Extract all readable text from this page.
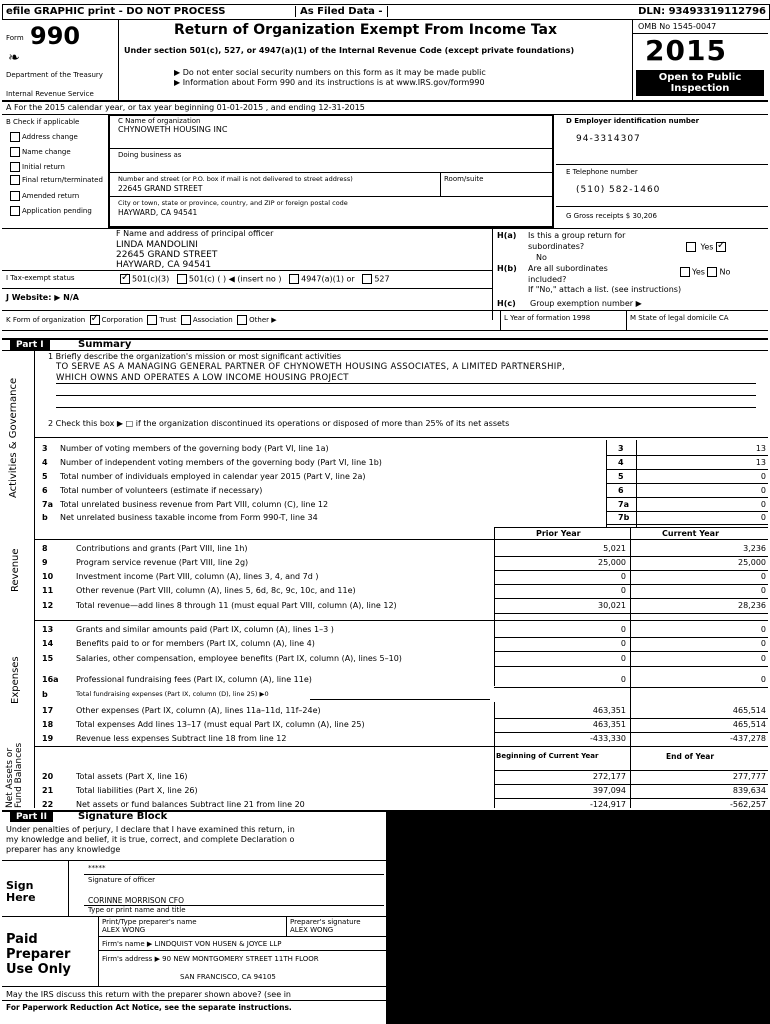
efile GRAPHIC print - DO NOT PROCESS	As Filed Data -	DLN: 93493319112796
Form 990
❧
Department of the Treasury
Internal Revenue Service
Return of Organization Exempt From Income Tax
Under section 501(c), 527, or 4947(a)(1) of the Internal Revenue Code (except private foundations)
▶ Do not enter social security numbers on this form as it may be made public
▶ Information about Form 990 and its instructions is at www.IRS.gov/form990
OMB No 1545-0047
2015
Open to Public Inspection
A For the 2015 calendar year, or tax year beginning 01-01-2015 , and ending 12-31-2015
B Check if applicable
Address change
Name change
Initial return
Final return/terminated
Amended return
Application pending
C Name of organization
CHYNOWETH HOUSING INC
Doing business as
Number and street (or P.O. box if mail is not delivered to street address)
22645 GRAND STREET
Room/suite
City or town, state or province, country, and ZIP or foreign postal code
HAYWARD, CA 94541
D Employer identification number
94-3314307
E Telephone number
(510) 582-1460
G Gross receipts $ 30,206
F Name and address of principal officer
LINDA MANDOLINI
22645 GRAND STREET
HAYWARD, CA 94541
H(a) Is this a group return for
subordinates?
No
Yes ✓
H(b) Are all subordinates
included?
Yes No
If "No," attach a list. (see instructions)
H(c) Group exemption number ▶
I Tax-exempt status ✓	501(c)(3) 501(c) ( ) ◀ (insert no ) 4947(a)(1) or 527
J Website: ▶ N/A
K Form of organization ✓ Corporation Trust Association Other ▶	L Year of formation 1998	M State of legal domicile CA
Part I	Summary
Activities & Governance
Revenue
Expenses
Net Assets or Fund Balances
1 Briefly describe the organization's mission or most significant activities
TO SERVE AS A MANAGING GENERAL PARTNER OF CHYNOWETH HOUSING ASSOCIATES, A LIMITED PARTNERSHIP,
WHICH OWNS AND OPERATES A LOW INCOME HOUSING PROJECT
2 Check this box ▶ □ if the organization discontinued its operations or disposed of more than 25% of its net assets
3 Number of voting members of the governing body (Part VI, line 1a)	3	13
4 Number of independent voting members of the governing body (Part VI, line 1b)	4	13
5 Total number of individuals employed in calendar year 2015 (Part V, line 2a)	5	0
6 Total number of volunteers (estimate if necessary)	6	0
7a Total unrelated business revenue from Part VIII, column (C), line 12	7a	0
b Net unrelated business taxable income from Form 990-T, line 34	7b	0
Prior Year	Current Year
8	Contributions and grants (Part VIII, line 1h)	5,021	3,236
9	Program service revenue (Part VIII, line 2g)	25,000	25,000
10	Investment income (Part VIII, column (A), lines 3, 4, and 7d )	0	0
11	Other revenue (Part VIII, column (A), lines 5, 6d, 8c, 9c, 10c, and 11e)	0	0
12	Total revenue—add lines 8 through 11 (must equal Part VIII, column (A), line 12)	30,021	28,236
13	Grants and similar amounts paid (Part IX, column (A), lines 1–3 )	0	0
14	Benefits paid to or for members (Part IX, column (A), line 4)	0	0
15	Salaries, other compensation, employee benefits (Part IX, column (A), lines 5–10)	0	0
16a Professional fundraising fees (Part IX, column (A), line 11e)	0	0
b	Total fundraising expenses (Part IX, column (D), line 25) ▶0
17	Other expenses (Part IX, column (A), lines 11a–11d, 11f–24e)	463,351	465,514
18	Total expenses Add lines 13–17 (must equal Part IX, column (A), line 25)	463,351	465,514
19	Revenue less expenses Subtract line 18 from line 12	-433,330	-437,278
Beginning of Current Year	End of Year
20	Total assets (Part X, line 16)	272,177	277,777
21	Total liabilities (Part X, line 26)	397,094	839,634
22	Net assets or fund balances Subtract line 21 from line 20	-124,917	-562,257
Part II	Signature Block
Under penalties of perjury, I declare that I have examined this return, in
my knowledge and belief, it is true, correct, and complete Declaration o
preparer has any knowledge
Sign
Here
*****
Signature of officer
CORINNE MORRISON CFO
Type or print name and title
Paid
Preparer
Use Only
Print/Type preparer's name
ALEX WONG
Preparer's signature
ALEX WONG
Firm's name ▶ LINDQUIST VON HUSEN & JOYCE LLP
Firm's address ▶ 90 NEW MONTGOMERY STREET 11TH FLOOR
SAN FRANCISCO, CA 94105
May the IRS discuss this return with the preparer shown above? (see in
For Paperwork Reduction Act Notice, see the separate instructions.
